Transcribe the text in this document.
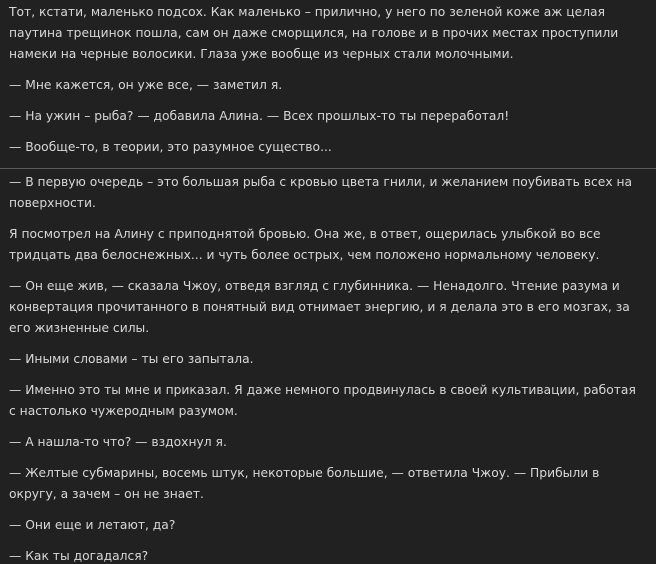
Тот, кстати, маленько подсох. Как маленько – прилично, у него по зеленой коже аж целая паутина трещинок пошла, сам он даже сморщился, на голове и в прочих местах проступили намеки на черные волосики. Глаза уже вообще из черных стали молочными.

— Мне кажется, он уже все, — заметил я.

— На ужин – рыба? — добавила Алина. — Всех прошлых-то ты переработал!

— Вообще-то, в теории, это разумное существо...

— В первую очередь – это большая рыба с кровью цвета гнили, и желанием поубивать всех на поверхности.

Я посмотрел на Алину с приподнятой бровью. Она же, в ответ, ощерилась улыбкой во все тридцать два белоснежных... и чуть более острых, чем положено нормальному человеку.

— Он еще жив, — сказала Чжоу, отведя взгляд с глубинника. — Ненадолго. Чтение разума и конвертация прочитанного в понятный вид отнимает энергию, и я делала это в его мозгах, за его жизненные силы.

— Иными словами – ты его запытала.

— Именно это ты мне и приказал. Я даже немного продвинулась в своей культивации, работая с настолько чужеродным разумом.

— А нашла-то что? — вздохнул я.

— Желтые субмарины, восемь штук, некоторые большие, — ответила Чжоу. — Прибыли в округу, а зачем – он не знает.

— Они еще и летают, да?

— Как ты догадался?
